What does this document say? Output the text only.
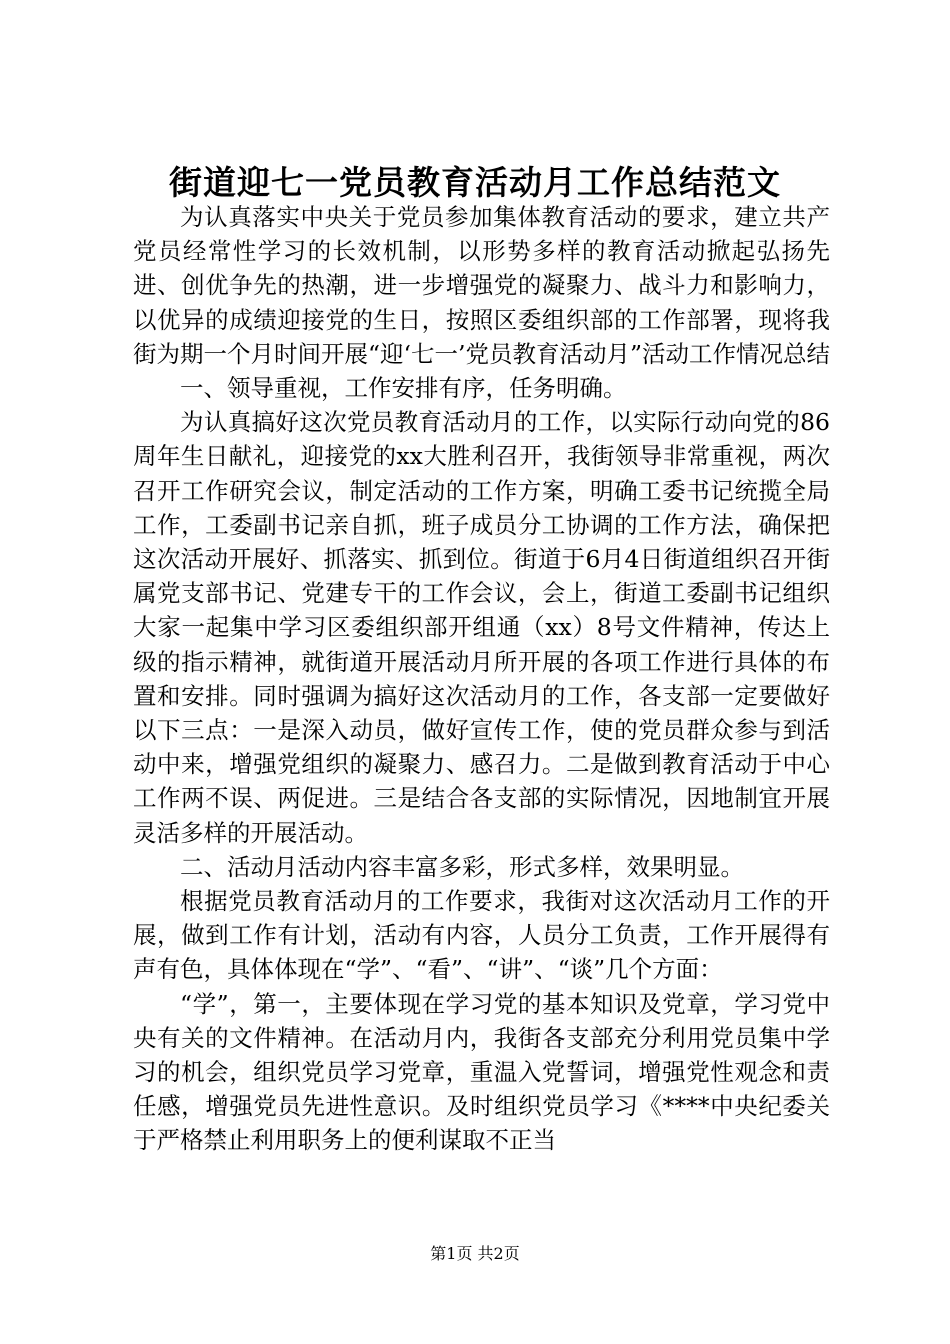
街道迎七一党员教育活动月工作总结范文

为认真落实中央关于党员参加集体教育活动的要求，建立共产党员经常性学习的长效机制，以形势多样的教育活动掀起弘扬先进、创优争先的热潮，进一步增强党的凝聚力、战斗力和影响力，以优异的成绩迎接党的生日，按照区委组织部的工作部署，现将我街为期一个月时间开展“迎‘七一’党员教育活动月”活动工作情况总结

一、领导重视，工作安排有序，任务明确。

为认真搞好这次党员教育活动月的工作，以实际行动向党的86周年生日献礼，迎接党的xx大胜利召开，我街领导非常重视，两次召开工作研究会议，制定活动的工作方案，明确工委书记统揽全局工作，工委副书记亲自抓，班子成员分工协调的工作方法，确保把这次活动开展好、抓落实、抓到位。街道于6月4日街道组织召开街属党支部书记、党建专干的工作会议，会上，街道工委副书记组织大家一起集中学习区委组织部开组通（xx）8号文件精神，传达上级的指示精神，就街道开展活动月所开展的各项工作进行具体的布置和安排。同时强调为搞好这次活动月的工作，各支部一定要做好以下三点：一是深入动员，做好宣传工作，使的党员群众参与到活动中来，增强党组织的凝聚力、感召力。二是做到教育活动于中心工作两不误、两促进。三是结合各支部的实际情况，因地制宜开展灵活多样的开展活动。

二、活动月活动内容丰富多彩，形式多样，效果明显。

根据党员教育活动月的工作要求，我街对这次活动月工作的开展，做到工作有计划，活动有内容，人员分工负责，工作开展得有声有色，具体体现在“学”、“看”、“讲”、“谈”几个方面：

“学”，第一，主要体现在学习党的基本知识及党章，学习党中央有关的文件精神。在活动月内，我街各支部充分利用党员集中学习的机会，组织党员学习党章，重温入党誓词，增强党性观念和责任感，增强党员先进性意识。及时组织党员学习《****中央纪委关于严格禁止利用职务上的便利谋取不正当

第1页 共2页
